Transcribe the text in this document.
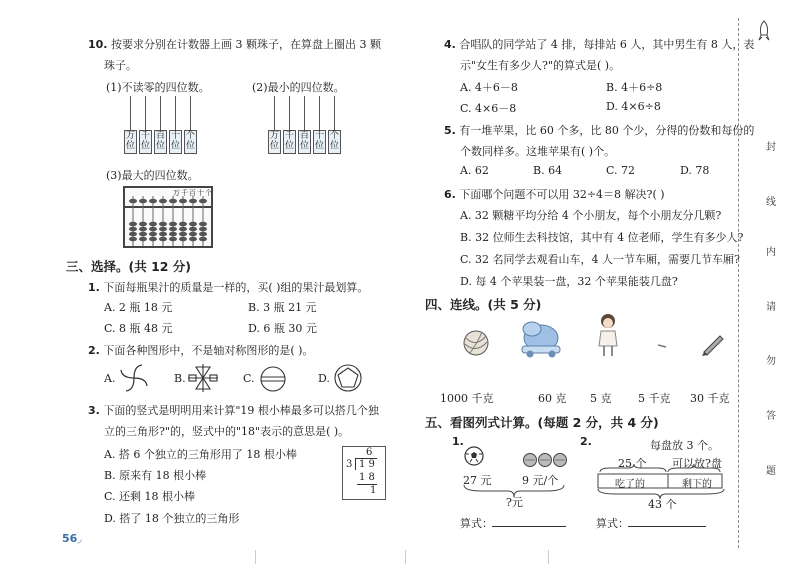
10. 按要求分别在计数器上画 3 颗珠子，在算盘上圈出 3 颗
珠子。
(1)不读零的四位数。	(2)最小的四位数。
万位
千位
百位
十位
个位
万位
千位
百位
十位
个位
(3)最大的四位数。
万千百十个
三、选择。(共 12 分)
1. 下面每瓶果汁的质量是一样的，买( )组的果汁最划算。
A. 2 瓶 18 元	B. 3 瓶 21 元
C. 8 瓶 48 元	D. 6 瓶 30 元
2. 下面各种图形中，不是轴对称图形的是( )。
A.	B.	C.	D.
3. 下面的竖式是明明用来计算"19 根小棒最多可以搭几个独
立的三角形?"的，竖式中的"18"表示的意思是( )。
A. 搭 6 个独立的三角形用了 18 根小棒
B. 原来有 18 根小棒
C. 还剩 18 根小棒
D. 搭了 18 个独立的三角形
6
3 1 9
1 8
1
56◞
4. 合唱队的同学站了 4 排，每排站 6 人，其中男生有 8 人，表
示"女生有多少人?"的算式是( )。
A. 4＋6－8	B. 4＋6÷8
C. 4×6－8	D. 4×6÷8
5. 有一堆苹果，比 60 个多，比 80 个少，分得的份数和每份的
个数同样多。这堆苹果有( )个。
A. 62	B. 64	C. 72	D. 78
6. 下面哪个问题不可以用 32÷4＝8 解决?( )
A. 32 颗糖平均分给 4 个小朋友，每个小朋友分几颗?
B. 32 位师生去科技馆，其中有 4 位老师，学生有多少人?
C. 32 名同学去观看山车，4 人一节车厢，需要几节车厢?
D. 每 4 个苹果装一盘，32 个苹果能装几盘?
四、连线。(共 5 分)
1000 千克	60 克 5 克 5 千克 30 千克
五、看图列式计算。(每题 2 分，共 4 分)
1.
27 元	9 元/个
?元
算式：
2.	每盘放 3 个。
25 个 可以放?盘
吃了的	剩下的
43 个
算式：
封
线
内
请
勿
答
题
